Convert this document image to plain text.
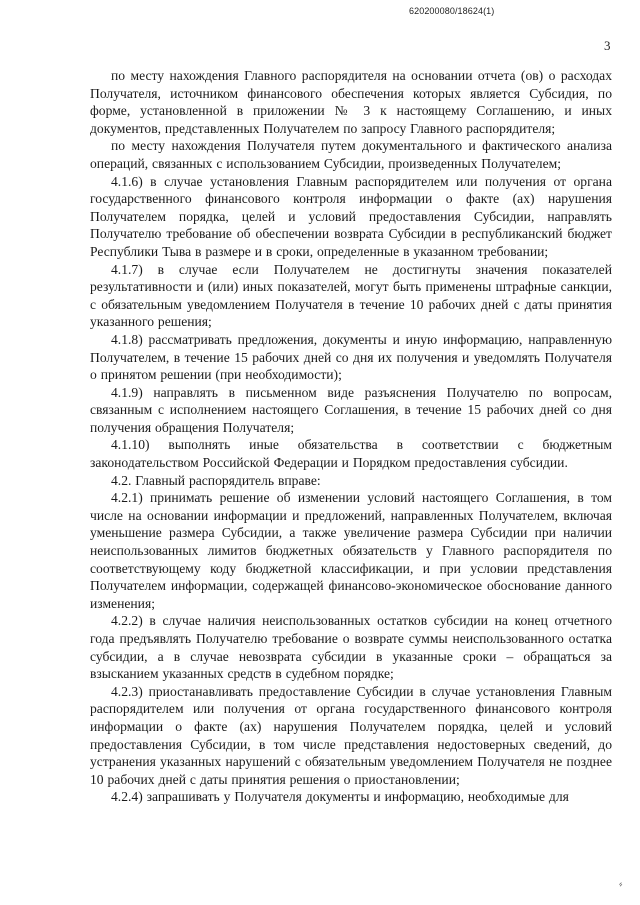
620200080/18624(1)
3

по месту нахождения Главного распорядителя на основании отчета (ов) о расходах Получателя, источником финансового обеспечения которых является Субсидия, по форме, установленной в приложении № 3 к настоящему Соглашению, и иных документов, представленных Получателем по запросу Главного распорядителя;

по месту нахождения Получателя путем документального и фактического анализа операций, связанных с использованием Субсидии, произведенных Получателем;

4.1.6) в случае установления Главным распорядителем или получения от органа государственного финансового контроля информации о факте (ах) нарушения Получателем порядка, целей и условий предоставления Субсидии, направлять Получателю требование об обеспечении возврата Субсидии в республиканский бюджет Республики Тыва в размере и в сроки, определенные в указанном требовании;

4.1.7) в случае если Получателем не достигнуты значения показателей результативности и (или) иных показателей, могут быть применены штрафные санкции, с обязательным уведомлением Получателя в течение 10 рабочих дней с даты принятия указанного решения;

4.1.8) рассматривать предложения, документы и иную информацию, направленную Получателем, в течение 15 рабочих дней со дня их получения и уведомлять Получателя о принятом решении (при необходимости);

4.1.9) направлять в письменном виде разъяснения Получателю по вопросам, связанным с исполнением настоящего Соглашения, в течение 15 рабочих дней со дня получения обращения Получателя;

4.1.10) выполнять иные обязательства в соответствии с бюджетным законодательством Российской Федерации и Порядком предоставления субсидии.

4.2. Главный распорядитель вправе:

4.2.1) принимать решение об изменении условий настоящего Соглашения, в том числе на основании информации и предложений, направленных Получателем, включая уменьшение размера Субсидии, а также увеличение размера Субсидии при наличии неиспользованных лимитов бюджетных обязательств у Главного распорядителя по соответствующему коду бюджетной классификации, и при условии представления Получателем информации, содержащей финансово-экономическое обоснование данного изменения;

4.2.2) в случае наличия неиспользованных остатков субсидии на конец отчетного года предъявлять Получателю требование о возврате суммы неиспользованного остатка субсидии, а в случае невозврата субсидии в указанные сроки – обращаться за взысканием указанных средств в судебном порядке;

4.2.3) приостанавливать предоставление Субсидии в случае установления Главным распорядителем или получения от органа государственного финансового контроля информации о факте (ах) нарушения Получателем порядка, целей и условий предоставления Субсидии, в том числе представления недостоверных сведений, до устранения указанных нарушений с обязательным уведомлением Получателя не позднее 10 рабочих дней с даты принятия решения о приостановлении;

4.2.4) запрашивать у Получателя документы и информацию, необходимые для

⸗
